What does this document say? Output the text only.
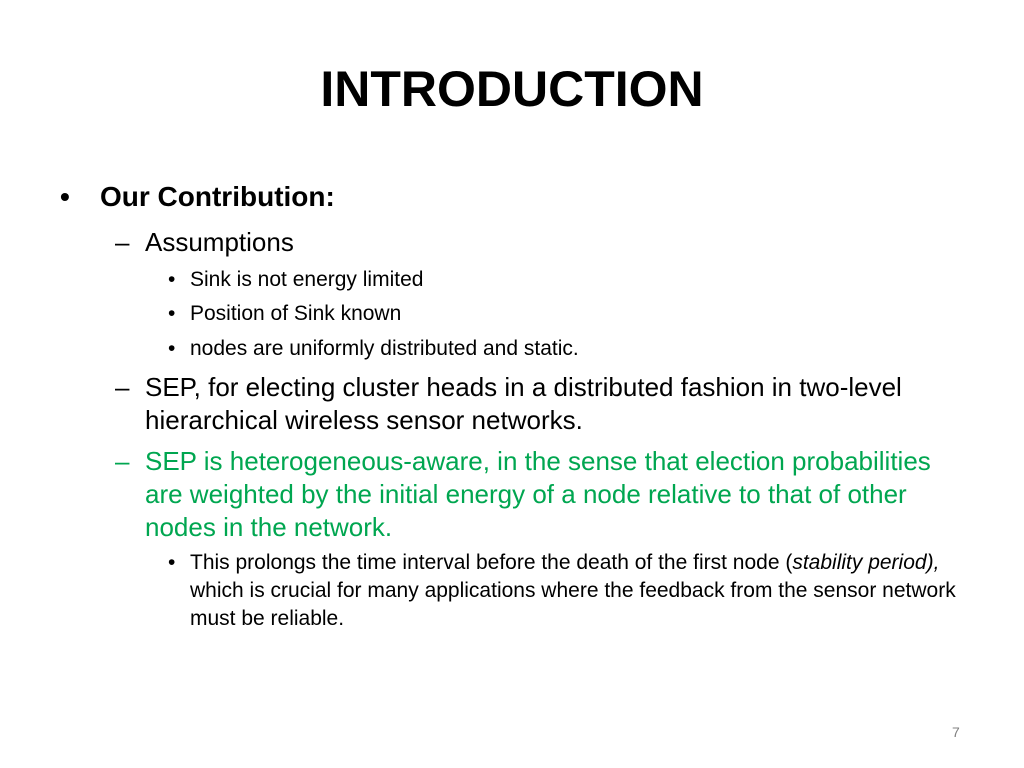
INTRODUCTION
• Our Contribution:
– Assumptions
• Sink is not energy limited
• Position of Sink known
• nodes are uniformly distributed and static.
– SEP, for electing cluster heads in a distributed fashion in two-level hierarchical wireless sensor networks.
– SEP is heterogeneous-aware, in the sense that election probabilities are weighted by the initial energy of a node relative to that of other nodes in the network.
• This prolongs the time interval before the death of the first node (stability period), which is crucial for many applications where the feedback from the sensor network must be reliable.
7
